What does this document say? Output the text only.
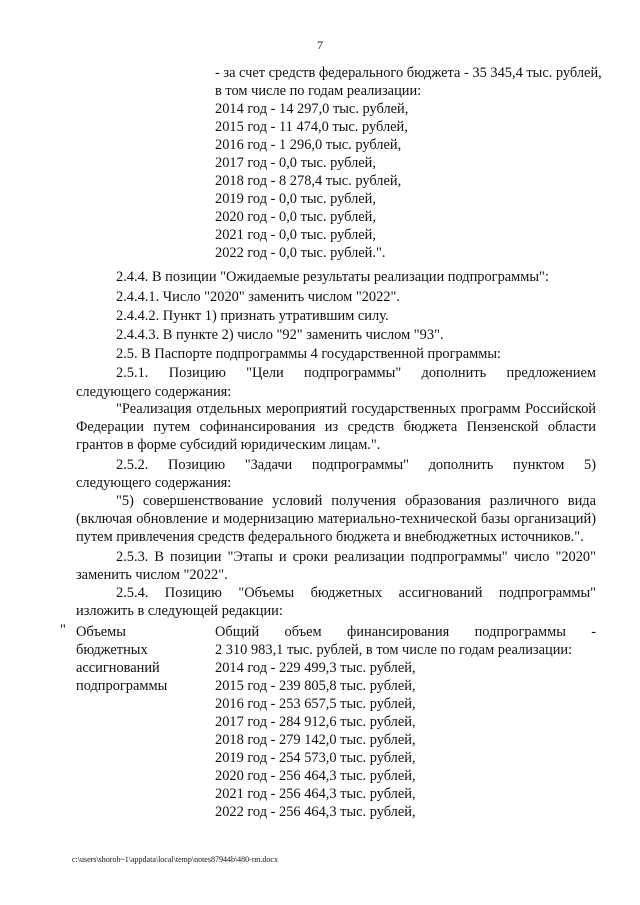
7
- за счет средств федерального бюджета - 35 345,4 тыс. рублей,
в том числе по годам реализации:
2014 год - 14 297,0 тыс. рублей,
2015 год - 11 474,0 тыс. рублей,
2016 год - 1 296,0 тыс. рублей,
2017 год - 0,0 тыс. рублей,
2018 год - 8 278,4 тыс. рублей,
2019 год - 0,0 тыс. рублей,
2020 год - 0,0 тыс. рублей,
2021 год - 0,0 тыс. рублей,
2022 год - 0,0 тыс. рублей.".
2.4.4. В позиции "Ожидаемые результаты реализации подпрограммы":
2.4.4.1. Число "2020" заменить числом "2022".
2.4.4.2. Пункт 1) признать утратившим силу.
2.4.4.3. В пункте 2) число "92" заменить числом "93".
2.5. В Паспорте подпрограммы 4 государственной программы:
2.5.1. Позицию "Цели подпрограммы" дополнить предложением
следующего содержания:
"Реализация отдельных мероприятий государственных программ Российской
Федерации путем софинансирования из средств бюджета Пензенской области
грантов в форме субсидий юридическим лицам.".
2.5.2. Позицию "Задачи подпрограммы" дополнить пунктом 5)
следующего содержания:
"5) совершенствование условий получения образования различного вида
(включая обновление и модернизацию материально-технической базы организаций)
путем привлечения средств федерального бюджета и внебюджетных источников.".
2.5.3. В позиции "Этапы и сроки реализации подпрограммы" число "2020"
заменить числом "2022".
2.5.4. Позицию "Объемы бюджетных ассигнований подпрограммы"
изложить в следующей редакции:
" Объемы
бюджетных
ассигнований
подпрограммы
Общий объем финансирования подпрограммы -
2 310 983,1 тыс. рублей, в том числе по годам реализации:
2014 год - 229 499,3 тыс. рублей,
2015 год - 239 805,8 тыс. рублей,
2016 год - 253 657,5 тыс. рублей,
2017 год - 284 912,6 тыс. рублей,
2018 год - 279 142,0 тыс. рублей,
2019 год - 254 573,0 тыс. рублей,
2020 год - 256 464,3 тыс. рублей,
2021 год - 256 464,3 тыс. рублей,
2022 год - 256 464,3 тыс. рублей,
c:\users\shorob~1\appdata\local\temp\notes87944b\480-пп.docx
